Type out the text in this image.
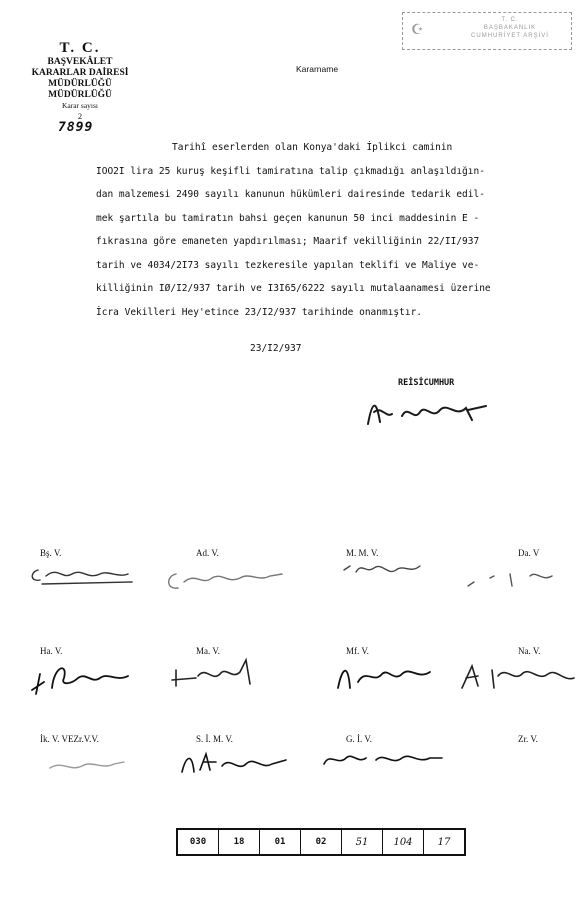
T. C.
BAŞVEKÂLET
KARARLAR DAİRESİ MÜDÜRLÜĞÜ
MÜDÜRLÜĞÜ
Karar sayısı
2
7899
☪
T. C.
BAŞBAKANLIK
CUMHURİYET ARŞİVİ
Kararname
Tarihî eserlerden olan Konya'daki İplikci caminin
IOO2I lira 25 kuruş keşifli tamiratına talip çıkmadığı anlaşıldığın-
dan malzemesi 2490 sayılı kanunun hükümleri dairesinde tedarik edil-
mek şartıla bu tamiratın bahsi geçen kanunun 50 inci maddesinin E -
fıkrasına göre emaneten yapdırılması; Maarif vekilliğinin 22/II/937
tarih ve 4034/2I73 sayılı tezkeresile yapılan teklifi ve Maliye ve-
killiğinin IØ/I2/937 tarih ve I3I65/6222 sayılı mutalaanamesi üzerine
İcra Vekilleri Hey'etince 23/I2/937 tarihinde onanmıştır.
23/I2/937
REİSİCUMHUR
Bş. V.	Ad. V.	M. M. V.	Da. V
Ha. V.	Ma. V.	Mf. V.	Na. V.
İk. V. VEZr.V.V.	S. İ. M. V.	G. İ. V.	Zr. V.
030	18	01	02	51	104	17
